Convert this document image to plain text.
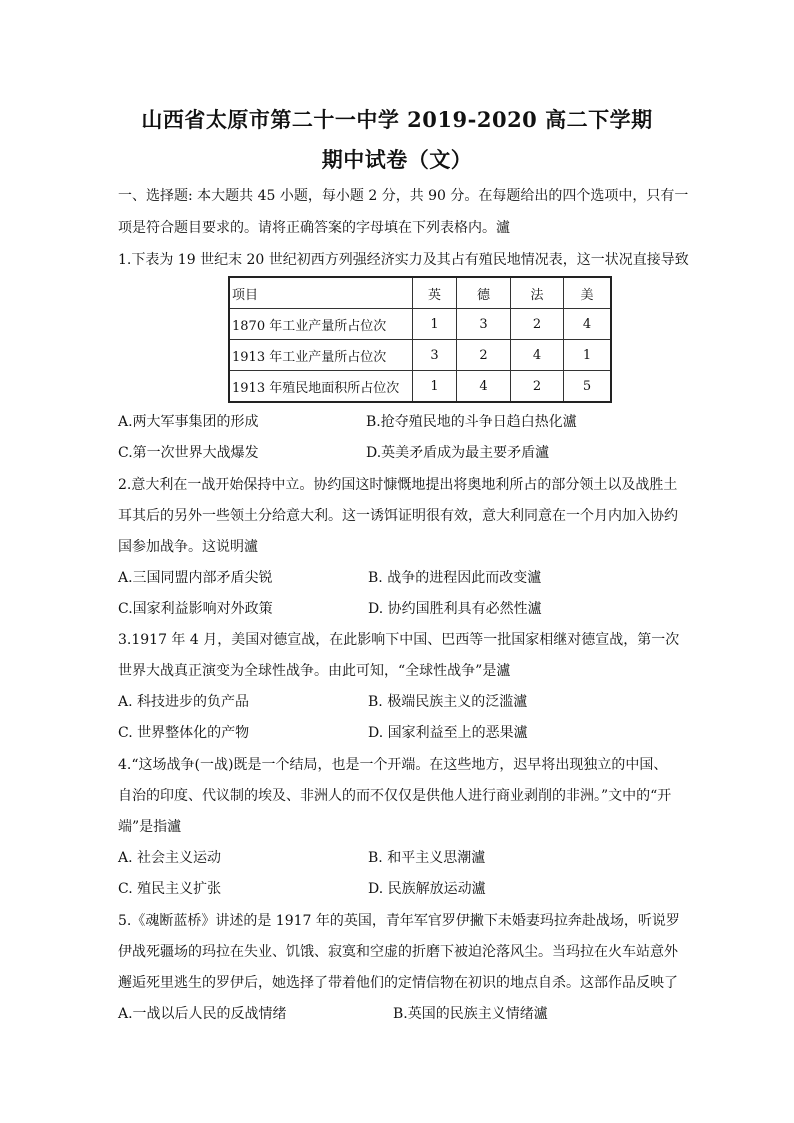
山西省太原市第二十一中学 2019-2020 高二下学期
期中试卷（文）
一、选择题: 本大题共 45 小题，每小题 2 分，共 90 分。在每题给出的四个选项中，只有一
项是符合题目要求的。请将正确答案的字母填在下列表格内。瀘
1.下表为 19 世纪末 20 世纪初西方列强经济实力及其占有殖民地情况表，这一状况直接导致
项目	英	德	法	美
1870 年工业产量所占位次	1	3	2	4
1913 年工业产量所占位次	3	2	4	1
1913 年殖民地面积所占位次	1	4	2	5
A.两大军事集团的形成	B.抢夺殖民地的斗争日趋白热化瀘
C.第一次世界大战爆发	D.英美矛盾成为最主要矛盾瀘
2.意大利在一战开始保持中立。协约国这时慷慨地提出将奥地利所占的部分领土以及战胜土
耳其后的另外一些领土分给意大利。这一诱饵证明很有效，意大利同意在一个月内加入协约
国参加战争。这说明瀘
A.三国同盟内部矛盾尖锐	B. 战争的进程因此而改变瀘
C.国家利益影响对外政策	D. 协约国胜利具有必然性瀘
3.1917 年 4 月，美国对德宣战，在此影响下中国、巴西等一批国家相继对德宣战，第一次
世界大战真正演变为全球性战争。由此可知，“全球性战争”是瀘
A. 科技进步的负产品	B. 极端民族主义的泛滥瀘
C. 世界整体化的产物	D. 国家利益至上的恶果瀘
4.“这场战争(一战)既是一个结局，也是一个开端。在这些地方，迟早将出现独立的中国、
自治的印度、代议制的埃及、非洲人的而不仅仅是供他人进行商业剥削的非洲。”文中的“开
端”是指瀘
A. 社会主义运动	B. 和平主义思潮瀘
C. 殖民主义扩张	D. 民族解放运动瀘
5.《魂断蓝桥》讲述的是 1917 年的英国，青年军官罗伊撇下未婚妻玛拉奔赴战场，听说罗
伊战死疆场的玛拉在失业、饥饿、寂寞和空虚的折磨下被迫沦落风尘。当玛拉在火车站意外
邂逅死里逃生的罗伊后，她选择了带着他们的定情信物在初识的地点自杀。这部作品反映了
A.一战以后人民的反战情绪	B.英国的民族主义情绪瀘
